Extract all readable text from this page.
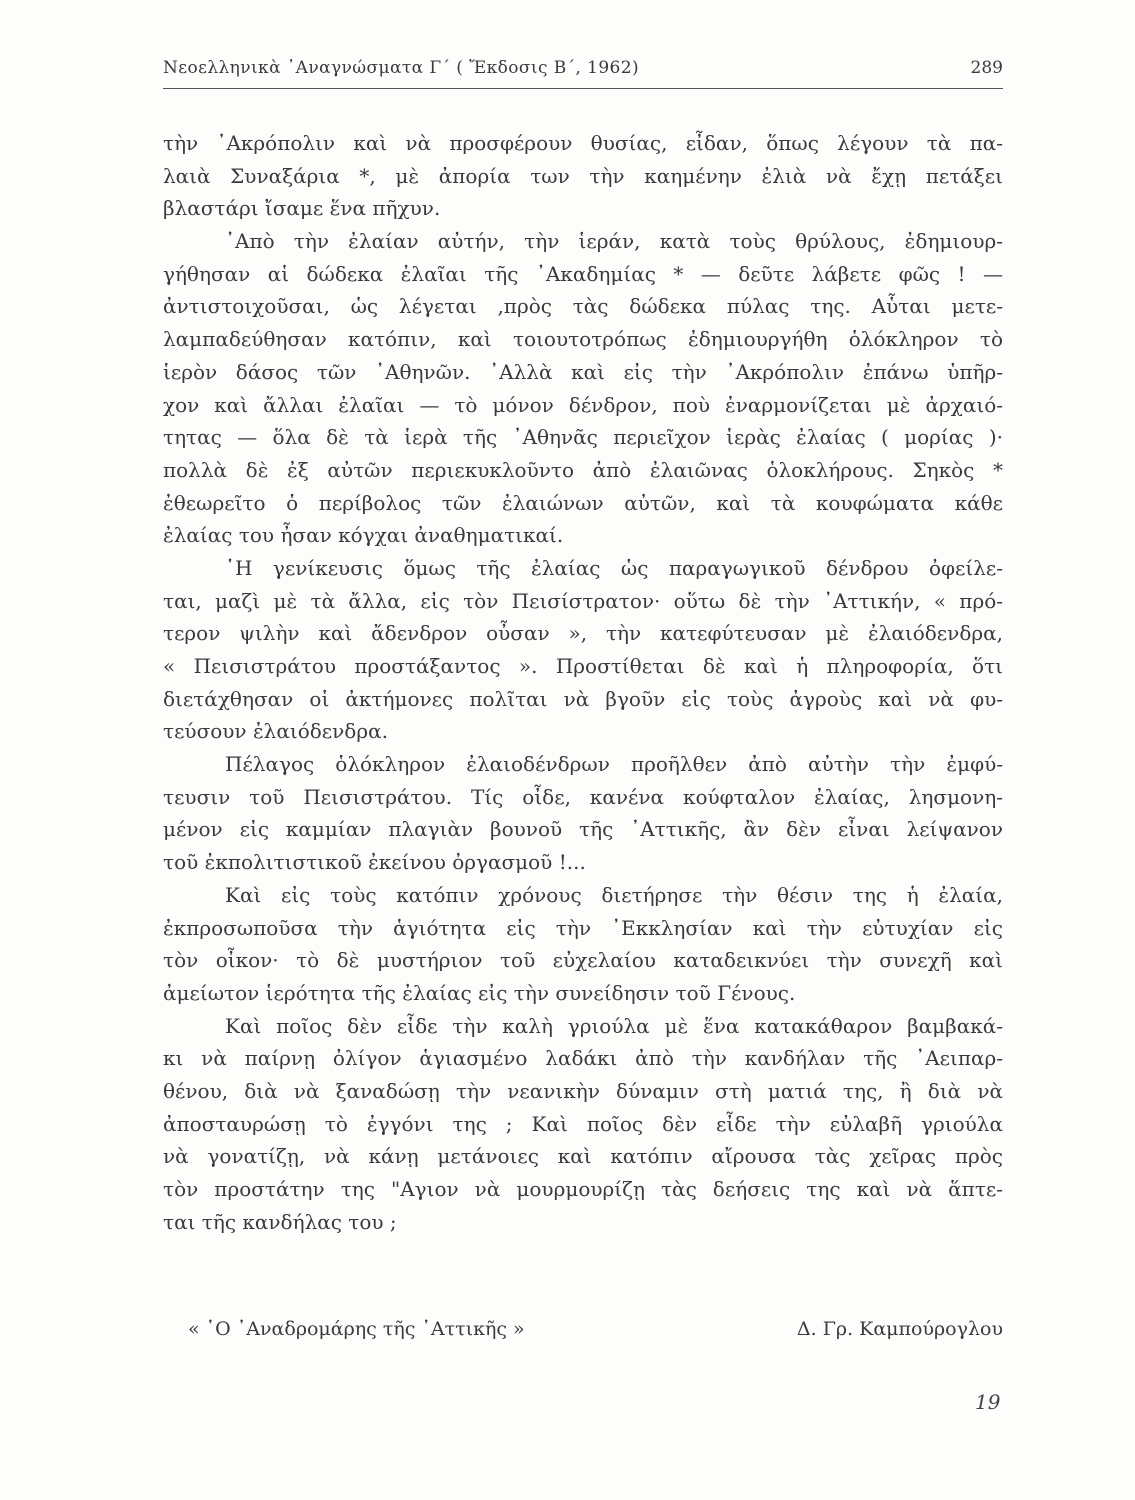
Νεοελληνικὰ ᾿Αναγνώσματα Γ΄ ( Ἔκδοσις Β΄, 1962)	289
τὴν ᾿Ακρόπολιν καὶ νὰ προσφέρουν θυσίας, εἶδαν, ὅπως λέγουν τὰ πα-
λαιὰ Συναξάρια *, μὲ ἀπορία των τὴν καημένην ἐλιὰ νὰ ἔχῃ πετάξει
βλαστάρι ἴσαμε ἕνα πῆχυν.
᾿Απὸ τὴν ἐλαίαν αὐτήν, τὴν ἱεράν, κατὰ τοὺς θρύλους, ἐδημιουρ-
γήθησαν αἱ δώδεκα ἐλαῖαι τῆς ᾿Ακαδημίας * — δεῦτε λάβετε φῶς ! —
ἀντιστοιχοῦσαι, ὡς λέγεται ,πρὸς τὰς δώδεκα πύλας της. Αὗται μετε-
λαμπαδεύθησαν κατόπιν, καὶ τοιουτοτρόπως ἐδημιουργήθη ὁλόκληρον τὸ
ἱερὸν δάσος τῶν ᾿Αθηνῶν. ᾿Αλλὰ καὶ εἰς τὴν ᾿Ακρόπολιν ἐπάνω ὑπῆρ-
χον καὶ ἄλλαι ἐλαῖαι — τὸ μόνον δένδρον, ποὺ ἐναρμονίζεται μὲ ἀρχαιό-
τητας — ὅλα δὲ τὰ ἱερὰ τῆς ᾿Αθηνᾶς περιεῖχον ἱερὰς ἐλαίας ( μορίας )·
πολλὰ δὲ ἐξ αὐτῶν περιεκυκλοῦντο ἀπὸ ἐλαιῶνας ὁλοκλήρους. Σηκὸς *
ἐθεωρεῖτο ὁ περίβολος τῶν ἐλαιώνων αὐτῶν, καὶ τὰ κουφώματα κάθε
ἐλαίας του ἦσαν κόγχαι ἀναθηματικαί.
῾Η γενίκευσις ὅμως τῆς ἐλαίας ὡς παραγωγικοῦ δένδρου ὀφείλε-
ται, μαζὶ μὲ τὰ ἄλλα, εἰς τὸν Πεισίστρατον· οὕτω δὲ τὴν ᾿Αττικήν, « πρό-
τερον ψιλὴν καὶ ἄδενδρον οὖσαν », τὴν κατεφύτευσαν μὲ ἐλαιόδενδρα,
« Πεισιστράτου προστάξαντος ». Προστίθεται δὲ καὶ ἡ πληροφορία, ὅτι
διετάχθησαν οἱ ἀκτήμονες πολῖται νὰ βγοῦν εἰς τοὺς ἀγροὺς καὶ νὰ φυ-
τεύσουν ἐλαιόδενδρα.
Πέλαγος ὁλόκληρον ἐλαιοδένδρων προῆλθεν ἀπὸ αὐτὴν τὴν ἐμφύ-
τευσιν τοῦ Πεισιστράτου. Τίς οἶδε, κανένα κούφταλον ἐλαίας, λησμονη-
μένον εἰς καμμίαν πλαγιὰν βουνοῦ τῆς ᾿Αττικῆς, ἂν δὲν εἶναι λείψανον
τοῦ ἐκπολιτιστικοῦ ἐκείνου ὀργασμοῦ !...
Καὶ εἰς τοὺς κατόπιν χρόνους διετήρησε τὴν θέσιν της ἡ ἐλαία,
ἐκπροσωποῦσα τὴν ἁγιότητα εἰς τὴν ᾿Εκκλησίαν καὶ τὴν εὐτυχίαν εἰς
τὸν οἶκον· τὸ δὲ μυστήριον τοῦ εὐχελαίου καταδεικνύει τὴν συνεχῆ καὶ
ἀμείωτον ἱερότητα τῆς ἐλαίας εἰς τὴν συνείδησιν τοῦ Γένους.
Καὶ ποῖος δὲν εἶδε τὴν καλὴ γριούλα μὲ ἕνα κατακάθαρον βαμβακά-
κι νὰ παίρνῃ ὀλίγον ἁγιασμένο λαδάκι ἀπὸ τὴν κανδήλαν τῆς ᾿Αειπαρ-
θένου, διὰ νὰ ξαναδώσῃ τὴν νεανικὴν δύναμιν στὴ ματιά της, ἢ διὰ νὰ
ἀποσταυρώσῃ τὸ ἐγγόνι της ; Καὶ ποῖος δὲν εἶδε τὴν εὐλαβῆ γριούλα
νὰ γονατίζῃ, νὰ κάνῃ μετάνοιες καὶ κατόπιν αἴρουσα τὰς χεῖρας πρὸς
τὸν προστάτην της "Αγιον νὰ μουρμουρίζῃ τὰς δεήσεις της καὶ νὰ ἅπτε-
ται τῆς κανδήλας του ;
« ῾Ο ᾿Αναδρομάρης τῆς ᾿Αττικῆς »	Δ. Γρ. Καμπούρογλου
19
